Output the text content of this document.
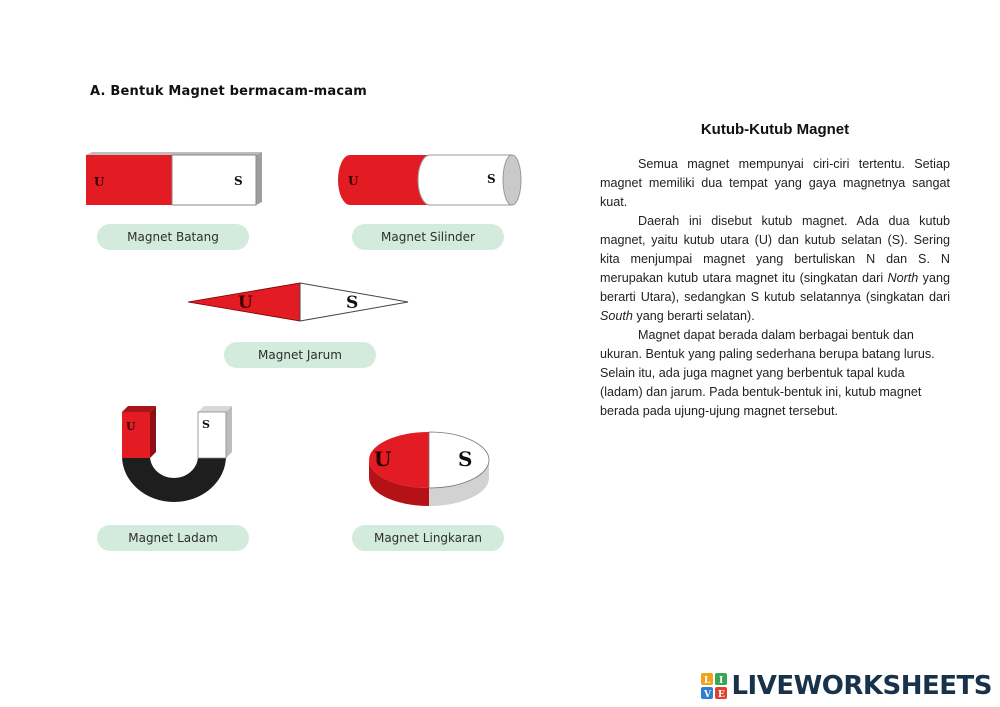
A. Bentuk Magnet bermacam-macam
U	S
Magnet Batang
U	S
Magnet Silinder
U	S
Magnet Jarum
U	S
Magnet Ladam
U	S
Magnet Lingkaran
Kutub-Kutub Magnet

Semua magnet mempunyai ciri-ciri tertentu. Setiap magnet memiliki dua tempat yang gaya magnetnya sangat kuat.

Daerah ini disebut kutub magnet. Ada dua kutub magnet, yaitu kutub utara (U) dan kutub selatan (S). Sering kita menjumpai magnet yang bertuliskan N dan S. N merupakan kutub utara magnet itu (singkatan dari North yang berarti Utara), sedangkan S kutub selatannya (singkatan dari South yang berarti selatan).

Magnet dapat berada dalam berbagai bentuk dan ukuran. Bentuk yang paling sederhana berupa batang lurus. Selain itu, ada juga magnet yang berbentuk tapal kuda (ladam) dan jarum. Pada bentuk-bentuk ini, kutub magnet berada pada ujung-ujung magnet tersebut.

L I
V E LIVEWORKSHEETS
